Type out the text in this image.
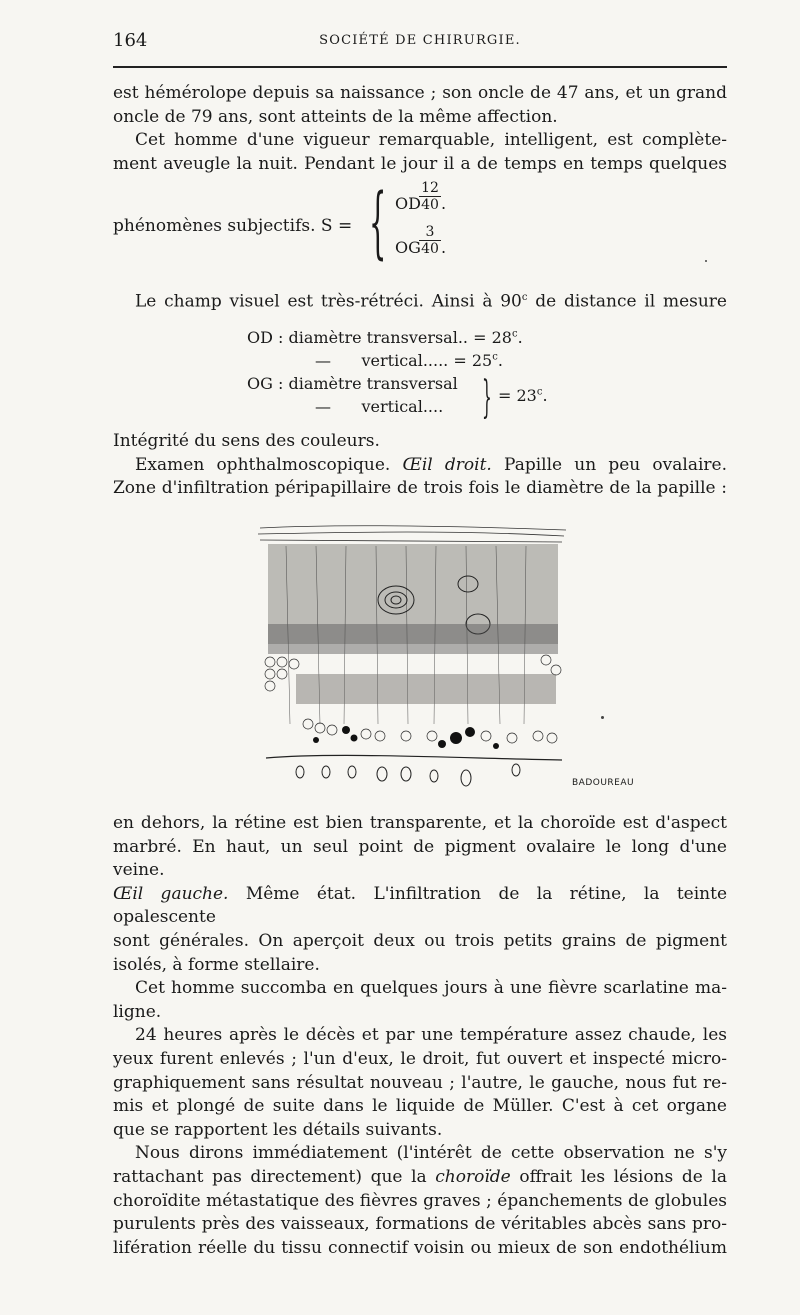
164	SOCIÉTÉ DE CHIRURGIE.

est hémérolope depuis sa naissance ; son oncle de 47 ans, et un grand

oncle de 79 ans, sont atteints de la même affection.

Cet homme d'une vigueur remarquable, intelligent, est complète-

ment aveugle la nuit. Pendant le jour il a de temps en temps quelques

phénomènes subjectifs. S = { OD
$\frac{12}{40}$ .
OG
$\frac{3}{40}$ .

Le champ visuel est très-rétréci. Ainsi à 90$^c$ de distance il mesure

OD : diamètre transversal.. = $28^c$.
—      vertical..... = $25^c$.
OG : diamètre transversal
—      vertical.... } = $23^c$.

Intégrité du sens des couleurs.

Examen ophthalmoscopique. Œil droit. Papille un peu ovalaire.

Zone d'infiltration péripapillaire de trois fois le diamètre de la papille :

BADOUREAU

en dehors, la rétine est bien transparente, et la choroïde est d'aspect

marbré. En haut, un seul point de pigment ovalaire le long d'une veine.

Œil gauche. Même état. L'infiltration de la rétine, la teinte opalescente

sont générales. On aperçoit deux ou trois petits grains de pigment

isolés, à forme stellaire.

Cet homme succomba en quelques jours à une fièvre scarlatine ma-

ligne.

24 heures après le décès et par une température assez chaude, les

yeux furent enlevés ; l'un d'eux, le droit, fut ouvert et inspecté micro-

graphiquement sans résultat nouveau ; l'autre, le gauche, nous fut re-

mis et plongé de suite dans le liquide de Müller. C'est à cet organe

que se rapportent les détails suivants.

Nous dirons immédiatement (l'intérêt de cette observation ne s'y

rattachant pas directement) que la choroïde offrait les lésions de la

choroïdite métastatique des fièvres graves ; épanchements de globules

purulents près des vaisseaux, formations de véritables abcès sans pro-

lifération réelle du tissu connectif voisin ou mieux de son endothélium
